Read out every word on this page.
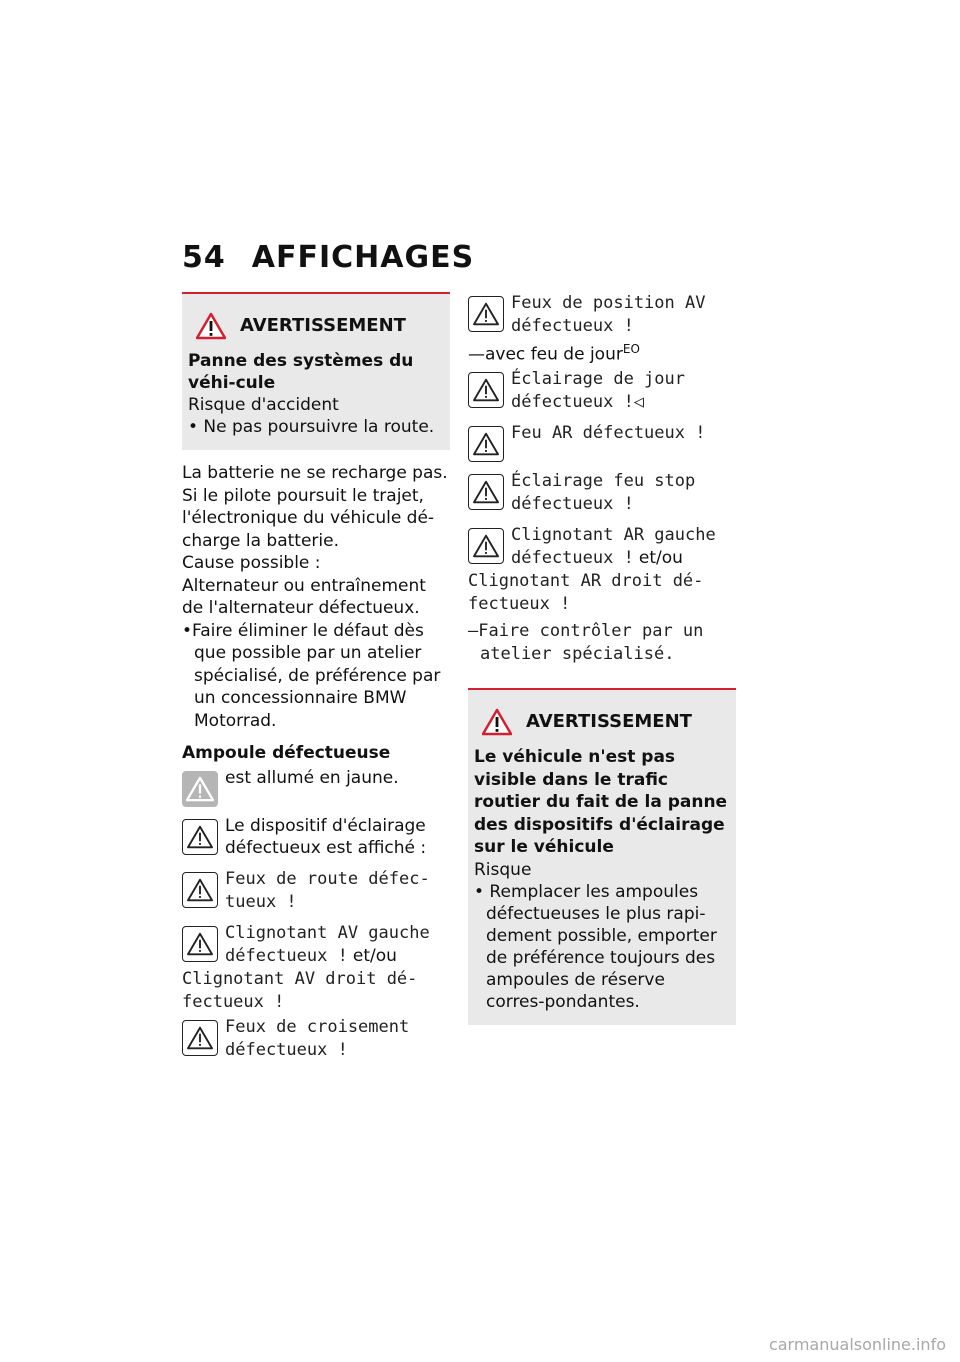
54 AFFICHAGES
AVERTISSEMENT
Panne des systèmes du véhi-cule
Risque d'accident
• Ne pas poursuivre la route.
La batterie ne se recharge pas. Si le pilote poursuit le trajet, l'électronique du véhicule dé-charge la batterie.
Cause possible :
Alternateur ou entraînement de l'alternateur défectueux.
•Faire éliminer le défaut dès que possible par un atelier spécialisé, de préférence par un concessionnaire BMW Motorrad.
Ampoule défectueuse
est allumé en jaune.
Le dispositif d'éclairage défectueux est affiché :
Feux de route défec-tueux !
Clignotant AV gauche défectueux ! et/ou
Clignotant AV droit dé-fectueux !
Feux de croisement défectueux !
Feux de position AV défectueux !
—avec feu de jour$^{EO}$
Éclairage de jour défectueux !◁
Feu AR défectueux !
Éclairage feu stop défectueux !
Clignotant AR gauche défectueux ! et/ou
Clignotant AR droit dé-fectueux !
—Faire contrôler par un atelier spécialisé.
AVERTISSEMENT
Le véhicule n'est pas visible dans le trafic routier du fait de la panne des dispositifs d'éclairage sur le véhicule
Risque
• Remplacer les ampoules défectueuses le plus rapi-dement possible, emporter de préférence toujours des ampoules de réserve corres-pondantes.
carmanualsonline.info
